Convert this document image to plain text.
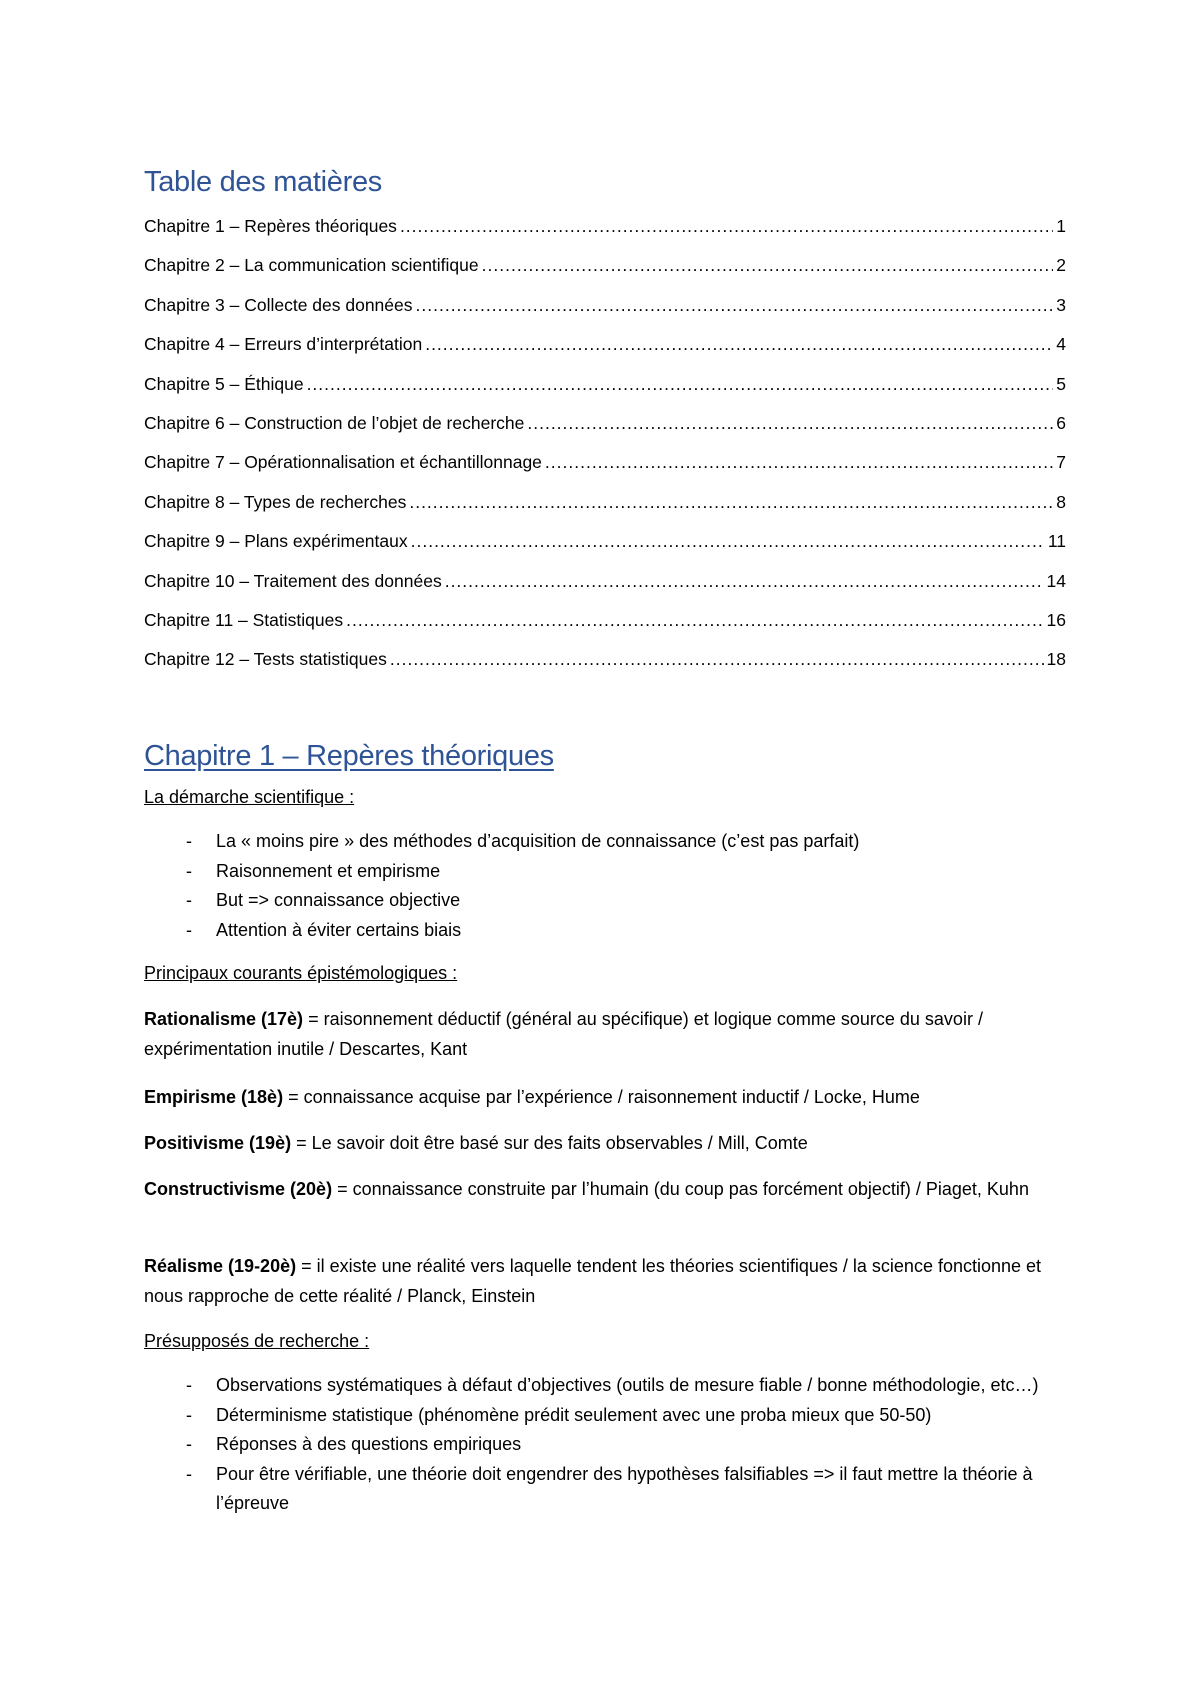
Table des matières
Chapitre 1 – Repères théoriques .....	1
Chapitre 2 – La communication scientifique .....	2
Chapitre 3 – Collecte des données .....	3
Chapitre 4 – Erreurs d’interprétation .....	4
Chapitre 5 – Éthique .....	5
Chapitre 6 – Construction de l’objet de recherche .....	6
Chapitre 7 – Opérationnalisation et échantillonnage .....	7
Chapitre 8 – Types de recherches .....	8
Chapitre 9 – Plans expérimentaux .....	11
Chapitre 10 – Traitement des données .....	14
Chapitre 11 – Statistiques .....	16
Chapitre 12 – Tests statistiques .....	18
Chapitre 1 – Repères théoriques
La démarche scientifique :
- La « moins pire » des méthodes d’acquisition de connaissance (c’est pas parfait)
- Raisonnement et empirisme
- But => connaissance objective
- Attention à éviter certains biais
Principaux courants épistémologiques :
Rationalisme (17è) = raisonnement déductif (général au spécifique) et logique comme source du savoir / expérimentation inutile / Descartes, Kant
Empirisme (18è) = connaissance acquise par l’expérience / raisonnement inductif / Locke, Hume
Positivisme (19è) = Le savoir doit être basé sur des faits observables / Mill, Comte
Constructivisme (20è) = connaissance construite par l’humain (du coup pas forcément objectif) / Piaget, Kuhn
Réalisme (19-20è) = il existe une réalité vers laquelle tendent les théories scientifiques / la science fonctionne et nous rapproche de cette réalité / Planck, Einstein
Présupposés de recherche :
- Observations systématiques à défaut d’objectives (outils de mesure fiable / bonne méthodologie, etc…)
- Déterminisme statistique (phénomène prédit seulement avec une proba mieux que 50-50)
- Réponses à des questions empiriques
- Pour être vérifiable, une théorie doit engendrer des hypothèses falsifiables => il faut mettre la théorie à l’épreuve
